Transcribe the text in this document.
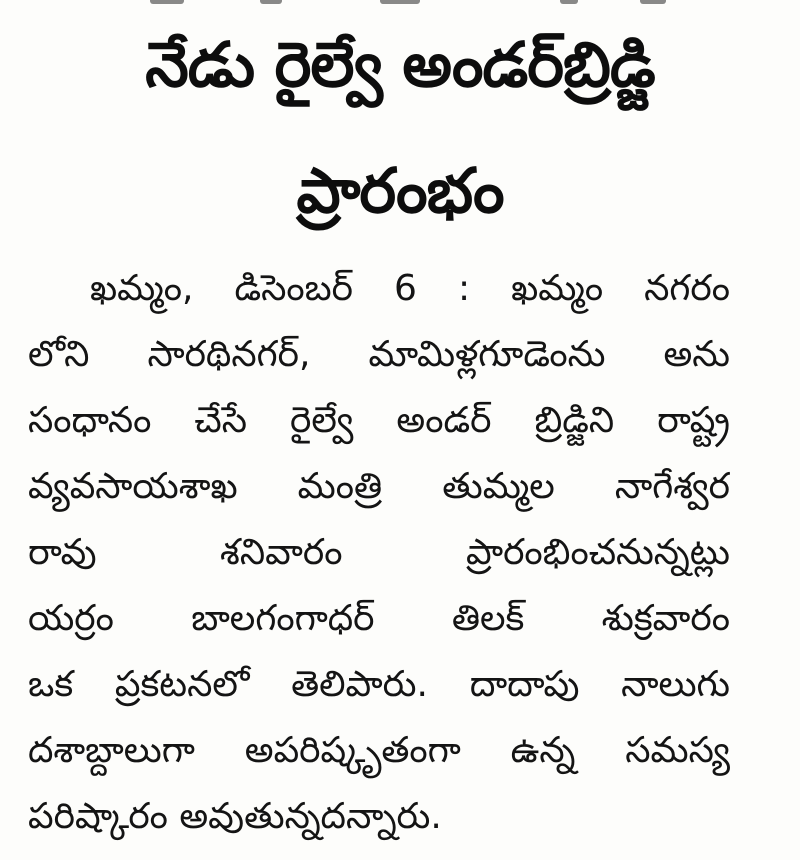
నేడు రైల్వే అండర్‌బ్రిడ్జి
ప్రారంభం

ఖమ్మం, డిసెంబర్ 6 : ఖమ్మం నగరం
లోని సారథినగర్, మామిళ్లగూడెంను అను
సంధానం చేసే రైల్వే అండర్ బ్రిడ్జిని రాష్ట్ర
వ్యవసాయశాఖ మంత్రి తుమ్మల నాగేశ్వర
రావు శనివారం ప్రారంభించనున్నట్లు
యర్రం బాలగంగాధర్ తిలక్ శుక్రవారం
ఒక ప్రకటనలో తెలిపారు. దాదాపు నాలుగు
దశాబ్దాలుగా అపరిష్కృతంగా ఉన్న సమస్య
పరిష్కారం అవుతున్నదన్నారు.
